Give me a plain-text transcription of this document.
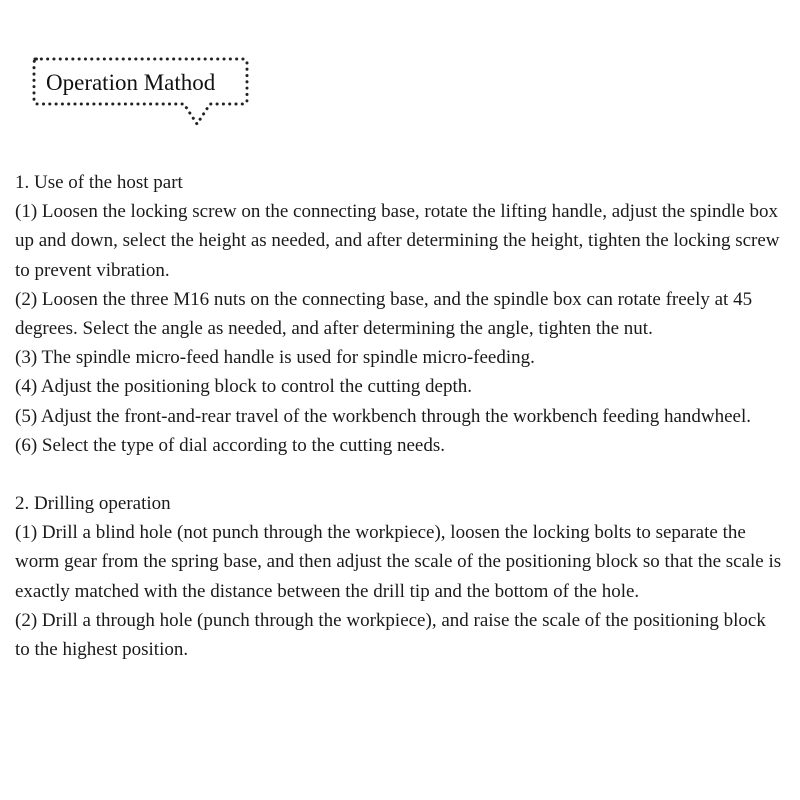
Operation Mathod

1. Use of the host part

(1) Loosen the locking screw on the connecting base, rotate the lifting handle, adjust the spindle box up and down, select the height as needed, and after determining the height, tighten the locking screw to prevent vibration.

(2) Loosen the three M16 nuts on the connecting base, and the spindle box can rotate freely at 45 degrees. Select the angle as needed, and after determining the angle, tighten the nut.

(3) The spindle micro-feed handle is used for spindle micro-feeding.

(4) Adjust the positioning block to control the cutting depth.

(5) Adjust the front-and-rear travel of the workbench through the workbench feeding handwheel.

(6) Select the type of dial according to the cutting needs.

2. Drilling operation

(1) Drill a blind hole (not punch through the workpiece), loosen the locking bolts to separate the worm gear from the spring base, and then adjust the scale of the positioning block so that the scale is exactly matched with the distance between the drill tip and the bottom of the hole.

(2) Drill a through hole (punch through the workpiece), and raise the scale of the positioning block to the highest position.
